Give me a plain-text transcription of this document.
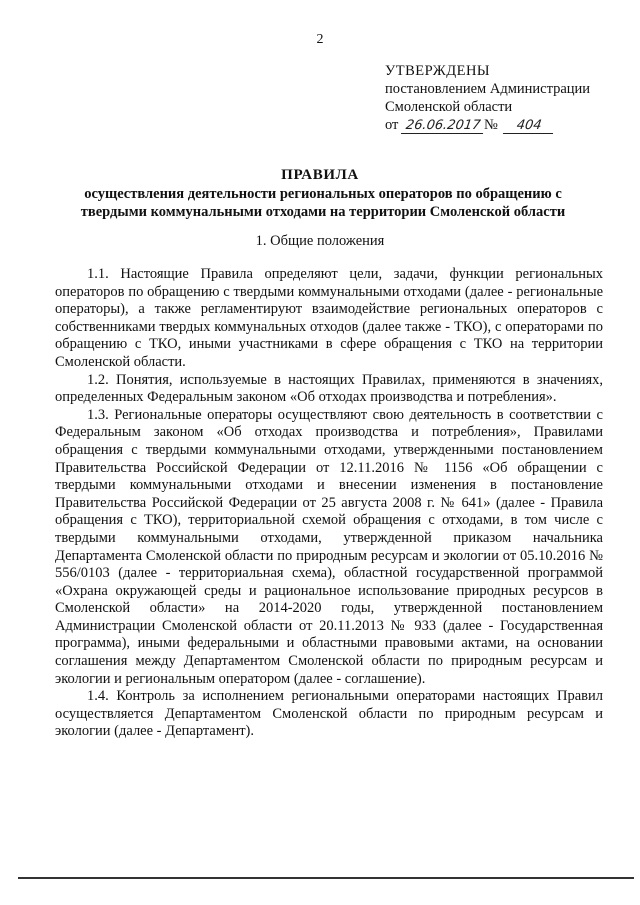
2
УТВЕРЖДЕНЫ
постановлением Администрации
Смоленской области
от 26.06.2017 № 404
ПРАВИЛА
осуществления деятельности региональных операторов по обращению с твердыми коммунальными отходами на территории Смоленской области
1. Общие положения

1.1. Настоящие Правила определяют цели, задачи, функции региональных операторов по обращению с твердыми коммунальными отходами (далее - региональные операторы), а также регламентируют взаимодействие региональных операторов с собственниками твердых коммунальных отходов (далее также - ТКО), с операторами по обращению с ТКО, иными участниками в сфере обращения с ТКО на территории Смоленской области.

1.2. Понятия, используемые в настоящих Правилах, применяются в значениях, определенных Федеральным законом «Об отходах производства и потребления».

1.3. Региональные операторы осуществляют свою деятельность в соответствии с Федеральным законом «Об отходах производства и потребления», Правилами обращения с твердыми коммунальными отходами, утвержденными постановлением Правительства Российской Федерации от 12.11.2016 № 1156 «Об обращении с твердыми коммунальными отходами и внесении изменения в постановление Правительства Российской Федерации от 25 августа 2008 г. № 641» (далее - Правила обращения с ТКО), территориальной схемой обращения с отходами, в том числе с твердыми коммунальными отходами, утвержденной приказом начальника Департамента Смоленской области по природным ресурсам и экологии от 05.10.2016 № 556/0103 (далее - территориальная схема), областной государственной программой «Охрана окружающей среды и рациональное использование природных ресурсов в Смоленской области» на 2014-2020 годы, утвержденной постановлением Администрации Смоленской области от 20.11.2013 № 933 (далее - Государственная программа), иными федеральными и областными правовыми актами, на основании соглашения между Департаментом Смоленской области по природным ресурсам и экологии и региональным оператором (далее - соглашение).

1.4. Контроль за исполнением региональными операторами настоящих Правил осуществляется Департаментом Смоленской области по природным ресурсам и экологии (далее - Департамент).
